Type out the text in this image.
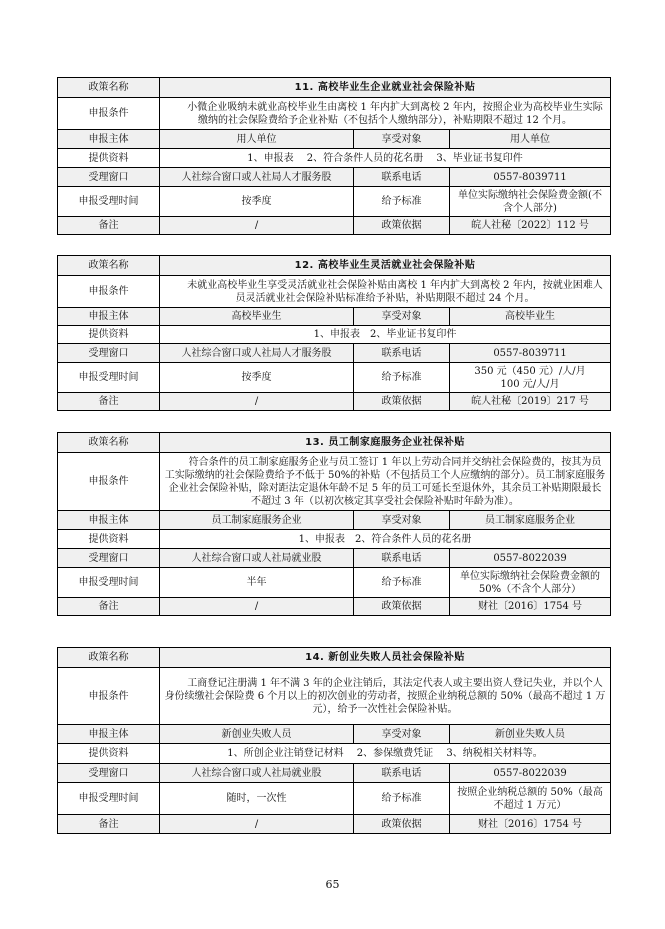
政策名称	11. 高校毕业生企业就业社会保险补贴		
申报条件	小微企业吸纳未就业高校毕业生由离校 1 年内扩大到离校 2 年内，按照企业为高校毕业生实际缴纳的社会保险费给予企业补贴（不包括个人缴纳部分），补贴期限不超过 12 个月。		
申报主体	用人单位	享受对象	用人单位
提供资料	1、申报表　 2、符合条件人员的花名册　 3、毕业证书复印件		
受理窗口	人社综合窗口或人社局人才服务股	联系电话	0557-8039711
申报受理时间	按季度	给予标准	单位实际缴纳社会保险费金额(不含个人部分)
备注	/	政策依据	皖人社秘〔2022〕112 号
政策名称	12. 高校毕业生灵活就业社会保险补贴		
申报条件	未就业高校毕业生享受灵活就业社会保险补贴由离校 1 年内扩大到离校 2 年内，按就业困难人员灵活就业社会保险补贴标准给予补贴，补贴期限不超过 24 个月。		
申报主体	高校毕业生	享受对象	高校毕业生
提供资料	1、申报表　2、毕业证书复印件		
受理窗口	人社综合窗口或人社局人才服务股	联系电话	0557-8039711
申报受理时间	按季度	给予标准	350 元（450 元）/人/月
100 元/人/月

备注	/	政策依据	皖人社秘〔2019〕217 号
政策名称	13. 员工制家庭服务企业社保补贴		
申报条件	符合条件的员工制家庭服务企业与员工签订 1 年以上劳动合同并交纳社会保险费的，按其为员工实际缴纳的社会保险费给予不低于 50%的补贴（不包括员工个人应缴纳的部分）。员工制家庭服务企业社会保险补贴，除对距法定退休年龄不足 5 年的员工可延长至退休外，其余员工补贴期限最长不超过 3 年（以初次核定其享受社会保险补贴时年龄为准）。		
申报主体	员工制家庭服务企业	享受对象	员工制家庭服务企业
提供资料	1、申报表　2、符合条件人员的花名册		
受理窗口	人社综合窗口或人社局就业股	联系电话	0557-8022039
申报受理时间	半年	给予标准	单位实际缴纳社会保险费金额的 50%（不含个人部分）
备注	/	政策依据	财社〔2016〕1754 号
政策名称	14. 新创业失败人员社会保险补贴		
申报条件	工商登记注册满 1 年不满 3 年的企业注销后，其法定代表人或主要出资人登记失业，并以个人身份续缴社会保险费 6 个月以上的初次创业的劳动者，按照企业纳税总额的 50%（最高不超过 1 万元），给予一次性社会保险补贴。		
申报主体	新创业失败人员	享受对象	新创业失败人员
提供资料	1、所创企业注销登记材料　 2、参保缴费凭证　 3、纳税相关材料等。		
受理窗口	人社综合窗口或人社局就业股	联系电话	0557-8022039
申报受理时间	随时，一次性	给予标准	按照企业纳税总额的 50%（最高不超过 1 万元）
备注	/	政策依据	财社〔2016〕1754 号
65
